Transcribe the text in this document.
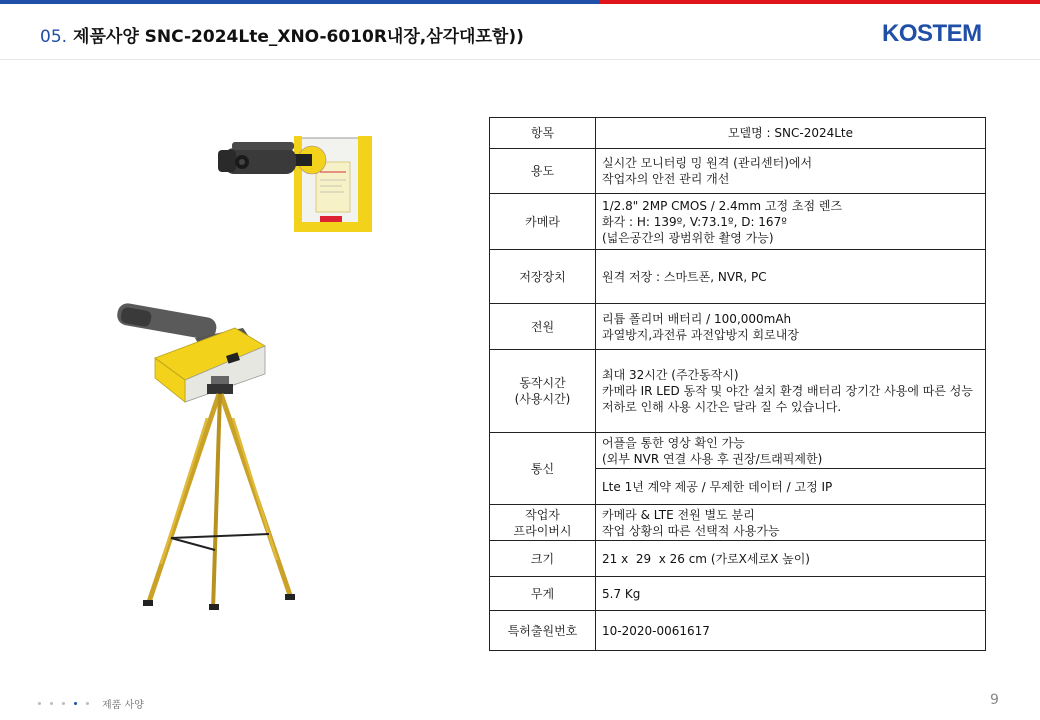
05. 제품사양 SNC-2024Lte_XNO-6010R내장,삼각대포함))	KOSTEM
항목	모델명 : SNC-2024Lte

용도	실시간 모니터링 밍 원격 (관리센터)에서
작업자의 안전 관리 개선

카메라	1/2.8" 2MP CMOS / 2.4mm 고정 초점 렌즈
화각 : H: 139º, V:73.1º, D: 167º
(넓은공간의 광범위한 촬영 가능)

저장장치	원격 저장 : 스마트폰, NVR, PC

전원	리튬 폴리머 배터리 / 100,000mAh
과열방지,과전류 과전압방지 회로내장

동작시간
(사용시간)	최대 32시간 (주간동작시)
카메라 IR LED 동작 및 야간 설치 환경 배터리 장기간 사용에 따른 성능 저하로 인해 사용 시간은 달라 질 수 있습니다.

통신	어플을 통한 영상 확인 가능
(외부 NVR 연결 사용 후 권장/트래픽제한)

	Lte 1년 계약 제공 / 무제한 데이터 / 고정 IP

작업자
프라이버시	카메라 & LTE 전원 별도 분리
작업 상황의 따른 선택적 사용가능

크기	21 x  29  x 26 cm (가로X세로X 높이)

무게	5.7 Kg

특허출원번호	10-2020-0061617
제품 사양	9
